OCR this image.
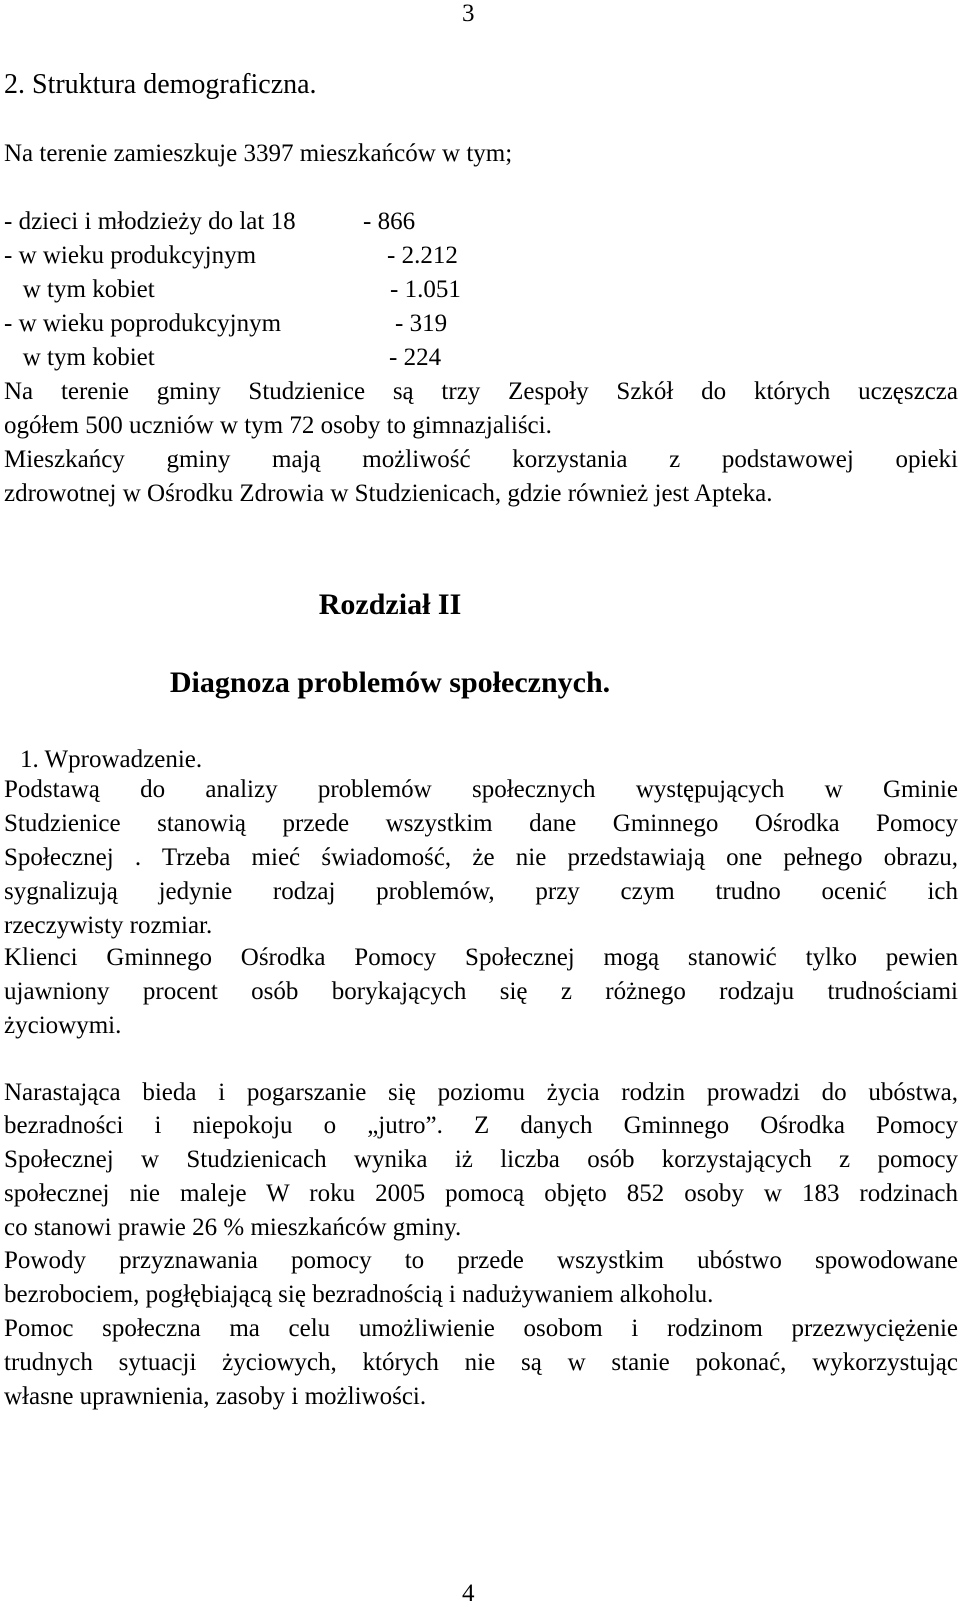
3
2. Struktura demograficzna.

Na terenie zamieszkuje 3397 mieszkańców w tym;

- dzieci i młodzieży do lat 18	- 866
- w wieku produkcyjnym	- 2.212
w tym kobiet	- 1.051
- w wieku poprodukcyjnym	- 319
w tym kobiet	- 224

Na terenie gminy Studzienice są trzy Zespoły Szkół do których uczęszcza

ogółem 500 uczniów w tym 72 osoby to gimnazjaliści.

Mieszkańcy gminy mają możliwość korzystania z podstawowej opieki

zdrowotnej w Ośrodku Zdrowia w Studzienicach, gdzie również jest Apteka.

Rozdział II
Diagnoza problemów społecznych.

1. Wprowadzenie.

Podstawą do analizy problemów społecznych występujących w Gminie

Studzienice stanowią przede wszystkim dane Gminnego Ośrodka Pomocy

Społecznej . Trzeba mieć świadomość, że nie przedstawiają one pełnego obrazu,

sygnalizują jedynie rodzaj problemów, przy czym trudno ocenić ich

rzeczywisty rozmiar.

Klienci Gminnego Ośrodka Pomocy Społecznej mogą stanowić tylko pewien

ujawniony procent osób borykających się z różnego rodzaju trudnościami

życiowymi.

Narastająca bieda i pogarszanie się poziomu życia rodzin prowadzi do ubóstwa,

bezradności i niepokoju o „jutro”. Z danych Gminnego Ośrodka Pomocy

Społecznej w Studzienicach wynika iż liczba osób korzystających z pomocy

społecznej nie maleje W roku 2005 pomocą objęto 852 osoby w 183 rodzinach

co stanowi prawie 26 % mieszkańców gminy.

Powody przyznawania pomocy to przede wszystkim ubóstwo spowodowane

bezrobociem, pogłębiającą się bezradnością i nadużywaniem alkoholu.

Pomoc społeczna ma celu umożliwienie osobom i rodzinom przezwyciężenie

trudnych sytuacji życiowych, których nie są w stanie pokonać, wykorzystując

własne uprawnienia, zasoby i możliwości.

4
